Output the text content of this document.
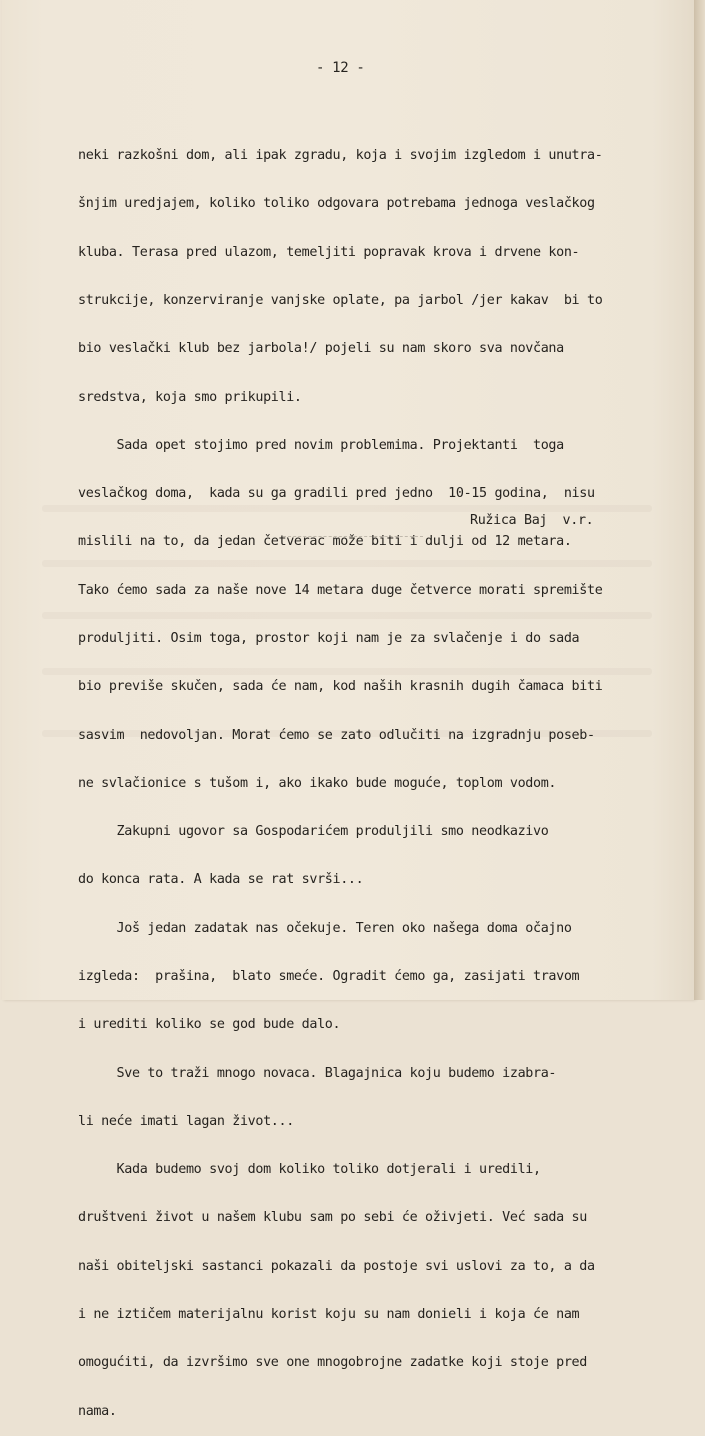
- 12 -

neki razkošni dom, ali ipak zgradu, koja i svojim izgledom i unutra-

šnjim uredjajem, koliko toliko odgovara potrebama jednoga veslačkog

kluba. Terasa pred ulazom, temeljiti popravak krova i drvene kon-

strukcije, konzerviranje vanjske oplate, pa jarbol /jer kakav  bi to

bio veslački klub bez jarbola!/ pojeli su nam skoro sva novčana

sredstva, koja smo prikupili.

Sada opet stojimo pred novim problemima. Projektanti  toga

veslačkog doma,  kada su ga gradili pred jedno  10-15 godina,  nisu

mislili na to, da jedan četverac može biti i dulji od 12 metara.

Tako ćemo sada za naše nove 14 metara duge četverce morati spremište

produljiti. Osim toga, prostor koji nam je za svlačenje i do sada

bio previše skučen, sada će nam, kod naših krasnih dugih čamaca biti

sasvim  nedovoljan. Morat ćemo se zato odlučiti na izgradnju poseb-

ne svlačionice s tušom i, ako ikako bude moguće, toplom vodom.

Zakupni ugovor sa Gospodarićem produljili smo neodkazivo

do konca rata. A kada se rat svrši...

Još jedan zadatak nas očekuje. Teren oko našega doma očajno

izgleda:  prašina,  blato smeće. Ogradit ćemo ga, zasijati travom

i urediti koliko se god bude dalo.

Sve to traži mnogo novaca. Blagajnica koju budemo izabra-

li neće imati lagan život...

Kada budemo svoj dom koliko toliko dotjerali i uredili,

društveni život u našem klubu sam po sebi će oživjeti. Već sada su

naši obiteljski sastanci pokazali da postoje svi uslovi za to, a da

i ne iztičem materijalnu korist koju su nam donieli i koja će nam

omogućiti, da izvršimo sve one mnogobrojne zadatke koji stoje pred

nama.

Ružica Baj  v.r.
